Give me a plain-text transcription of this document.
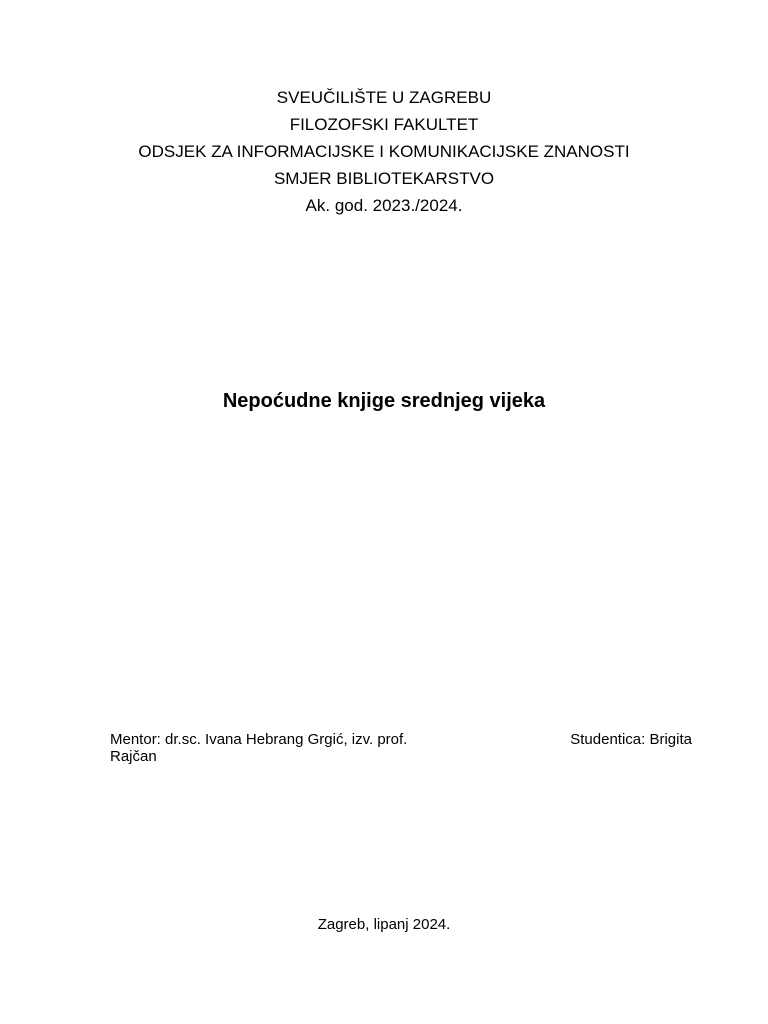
SVEUČILIŠTE U ZAGREBU
FILOZOFSKI FAKULTET
ODSJEK ZA INFORMACIJSKE I KOMUNIKACIJSKE ZNANOSTI
SMJER BIBLIOTEKARSTVO
Ak. god. 2023./2024.
Nepoćudne knjige srednjeg vijeka
Mentor: dr.sc. Ivana Hebrang Grgić, izv. prof.
Rajčan
Studentica: Brigita
Zagreb, lipanj 2024.
